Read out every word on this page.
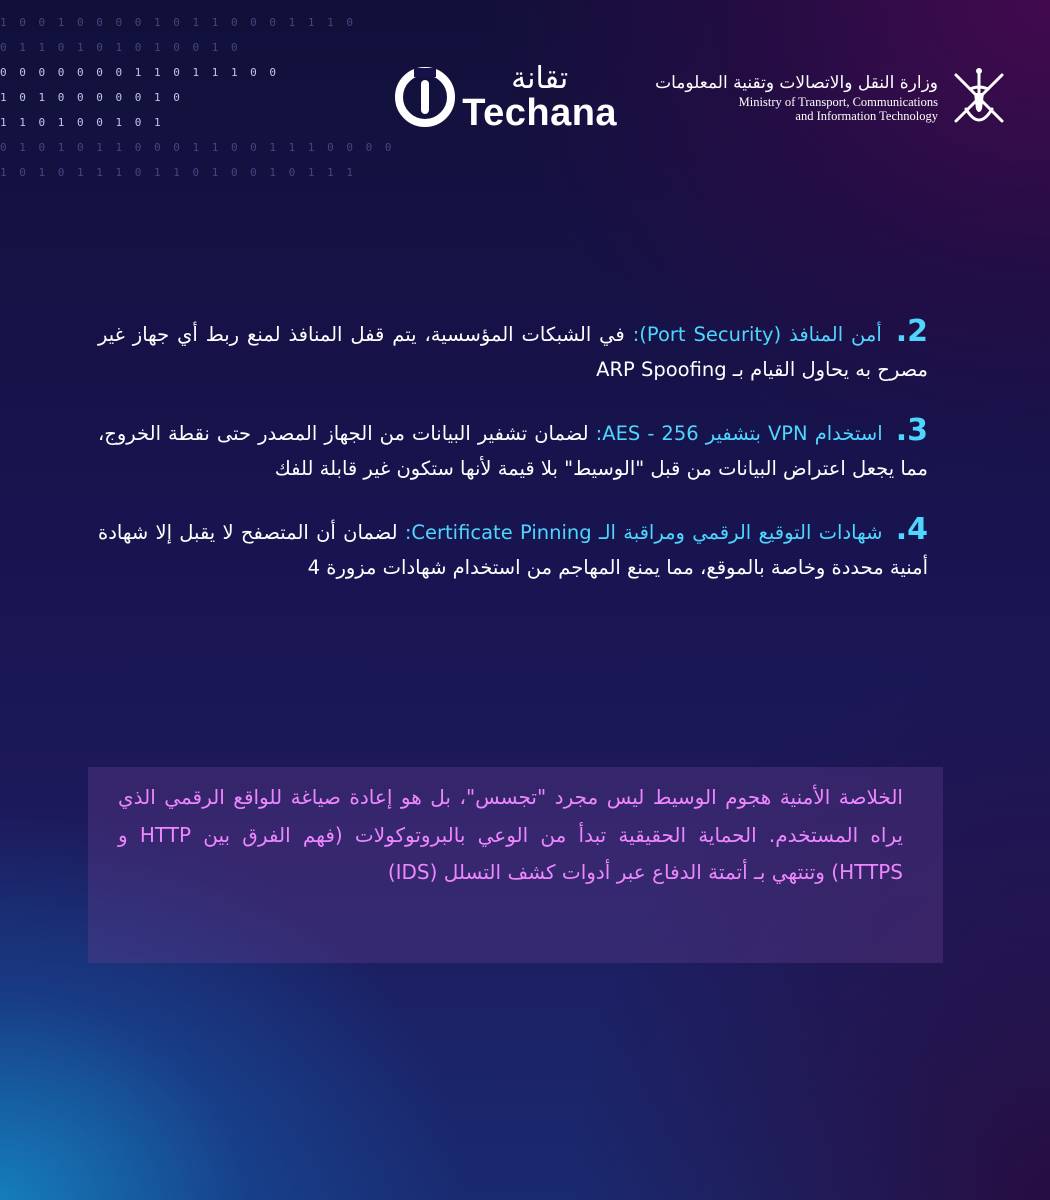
1 0 0 1 0 0 0 0 1 0 1 1 0 0 0 1 1 1 0
0 1 1 0 1 0 1 0 1 0 0 1 0
0 0 0 0 0 0 0 1 1 0 1 1 1 0 0
1 0 1 0 0 0 0 0 1 0
1 1 0 1 0 0 1 0 1
0 1 0 1 0 1 1 0 0 0 1 1 0 0 1 1 1 0 0 0 0
1 0 1 0 1 1 1 0 1 1 0 1 0 0 1 0 1 1 1
تقانة
Techana
وزارة النقل والاتصالات وتقنية المعلومات
Ministry of Transport, Communications
and Information Technology
2. أمن المنافذ (Port Security): في الشبكات المؤسسية، يتم قفل المنافذ لمنع ربط أي جهاز غير مصرح به يحاول القيام بـ ARP Spoofing
3. استخدام VPN بتشفير AES - 256: لضمان تشفير البيانات من الجهاز المصدر حتى نقطة الخروج، مما يجعل اعتراض البيانات من قبل "الوسيط" بلا قيمة لأنها ستكون غير قابلة للفك
4. شهادات التوقيع الرقمي ومراقبة الـ Certificate Pinning: لضمان أن المتصفح لا يقبل إلا شهادة أمنية محددة وخاصة بالموقع، مما يمنع المهاجم من استخدام شهادات مزورة 4
الخلاصة الأمنية هجوم الوسيط ليس مجرد "تجسس"، بل هو إعادة صياغة للواقع الرقمي الذي يراه المستخدم. الحماية الحقيقية تبدأ من الوعي بالبروتوكولات (فهم الفرق بين HTTP و HTTPS) وتنتهي بـ أتمتة الدفاع عبر أدوات كشف التسلل (IDS)
